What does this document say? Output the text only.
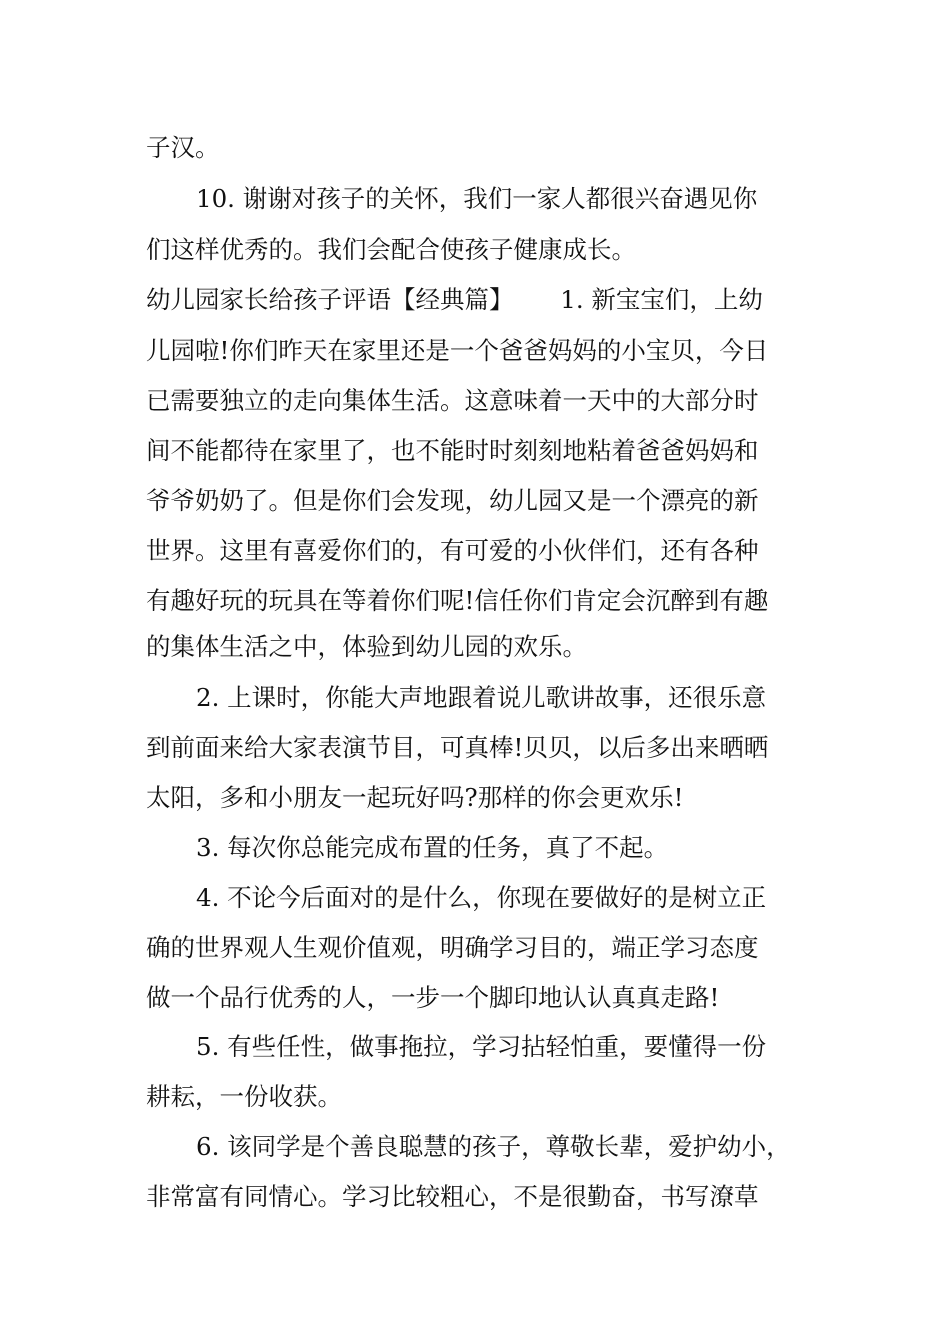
子汉。
10. 谢谢对孩子的关怀，我们一家人都很兴奋遇见你
们这样优秀的。我们会配合使孩子健康成长。
幼儿园家长给孩子评语【经典篇】      1. 新宝宝们，上幼
儿园啦!你们昨天在家里还是一个爸爸妈妈的小宝贝，今日
已需要独立的走向集体生活。这意味着一天中的大部分时
间不能都待在家里了，也不能时时刻刻地粘着爸爸妈妈和
爷爷奶奶了。但是你们会发现，幼儿园又是一个漂亮的新
世界。这里有喜爱你们的，有可爱的小伙伴们，还有各种
有趣好玩的玩具在等着你们呢!信任你们肯定会沉醉到有趣
的集体生活之中，体验到幼儿园的欢乐。
2. 上课时，你能大声地跟着说儿歌讲故事，还很乐意
到前面来给大家表演节目，可真棒!贝贝，以后多出来晒晒
太阳，多和小朋友一起玩好吗?那样的你会更欢乐!
3. 每次你总能完成布置的任务，真了不起。
4. 不论今后面对的是什么，你现在要做好的是树立正
确的世界观人生观价值观，明确学习目的，端正学习态度
做一个品行优秀的人，一步一个脚印地认认真真走路!
5. 有些任性，做事拖拉，学习拈轻怕重，要懂得一份
耕耘，一份收获。
6. 该同学是个善良聪慧的孩子，尊敬长辈，爱护幼小，
非常富有同情心。学习比较粗心，不是很勤奋，书写潦草
